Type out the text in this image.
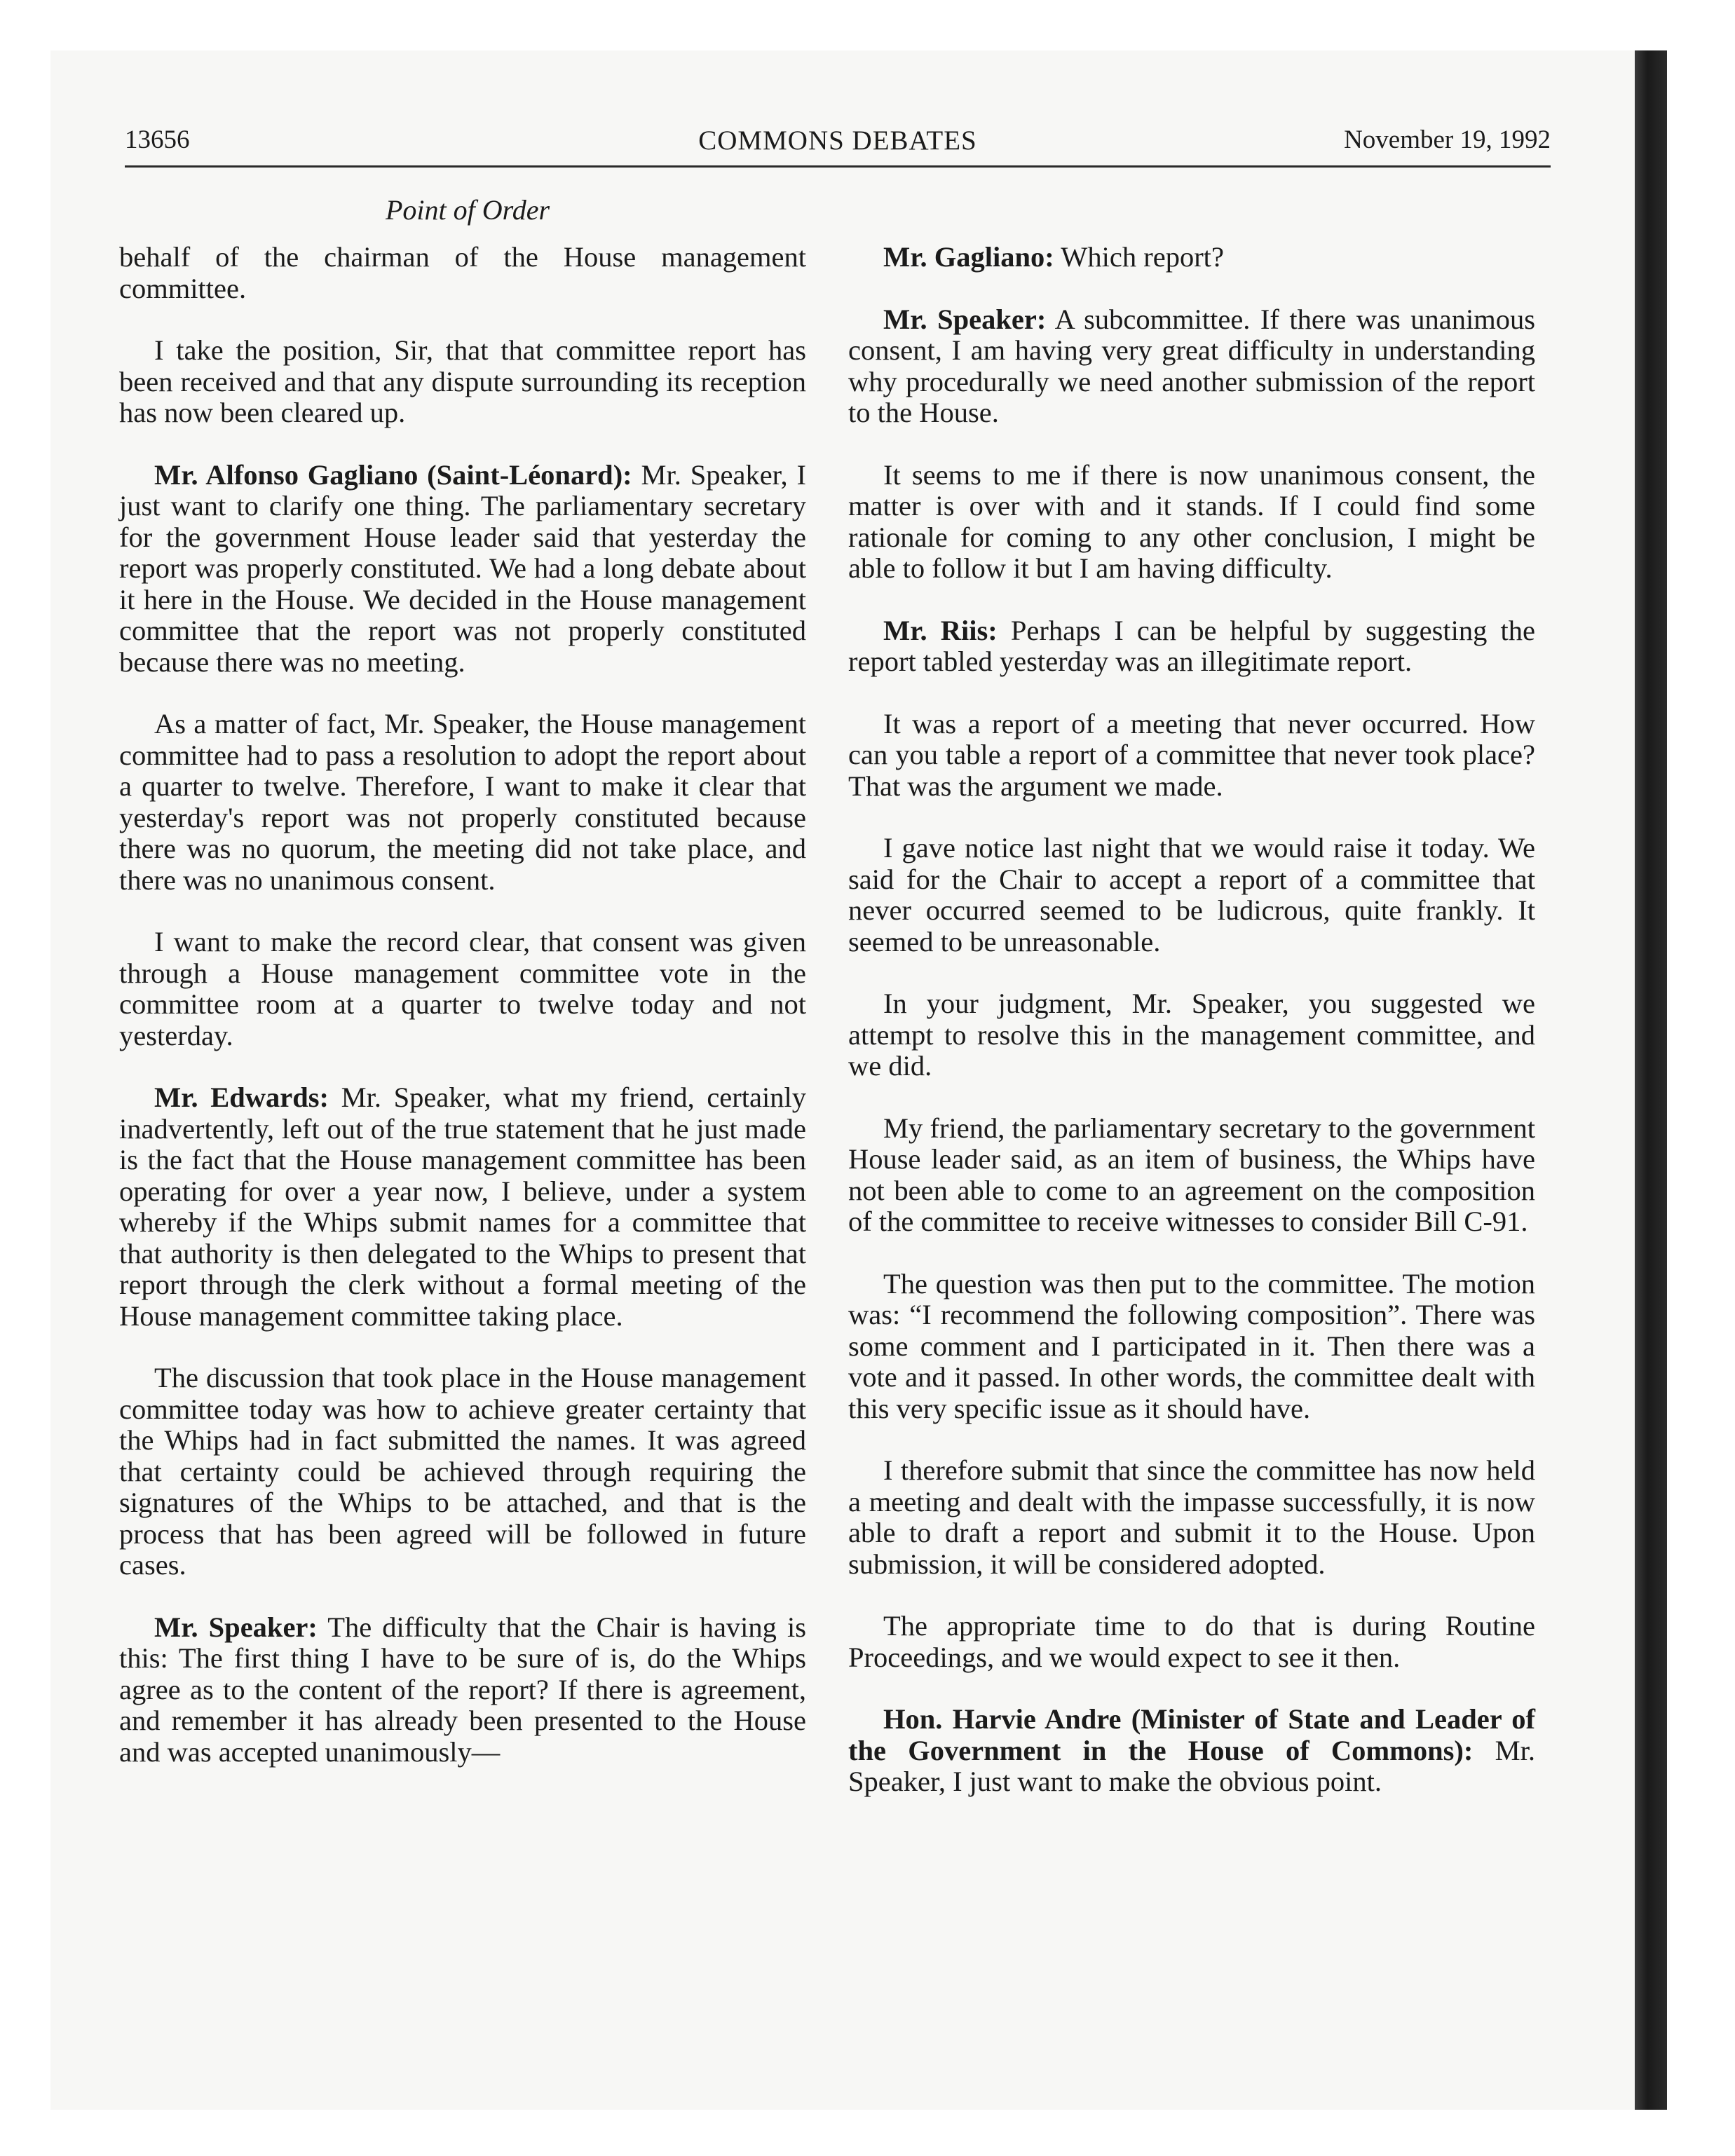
13656	COMMONS DEBATES	November 19, 1992
Point of Order

behalf of the chairman of the House management committee.

I take the position, Sir, that that committee report has been received and that any dispute surrounding its reception has now been cleared up.

Mr. Alfonso Gagliano (Saint-Léonard): Mr. Speaker, I just want to clarify one thing. The parliamentary secretary for the government House leader said that yesterday the report was properly constituted. We had a long debate about it here in the House. We decided in the House management committee that the report was not properly constituted because there was no meeting.

As a matter of fact, Mr. Speaker, the House management committee had to pass a resolution to adopt the report about a quarter to twelve. Therefore, I want to make it clear that yesterday's report was not properly constituted because there was no quorum, the meeting did not take place, and there was no unanimous consent.

I want to make the record clear, that consent was given through a House management committee vote in the committee room at a quarter to twelve today and not yesterday.

Mr. Edwards: Mr. Speaker, what my friend, certainly inadvertently, left out of the true statement that he just made is the fact that the House management committee has been operating for over a year now, I believe, under a system whereby if the Whips submit names for a committee that that authority is then delegated to the Whips to present that report through the clerk without a formal meeting of the House management committee taking place.

The discussion that took place in the House management committee today was how to achieve greater certainty that the Whips had in fact submitted the names. It was agreed that certainty could be achieved through requiring the signatures of the Whips to be attached, and that is the process that has been agreed will be followed in future cases.

Mr. Speaker: The difficulty that the Chair is having is this: The first thing I have to be sure of is, do the Whips agree as to the content of the report? If there is agreement, and remember it has already been presented to the House and was accepted unanimously—

Mr. Gagliano: Which report?

Mr. Speaker: A subcommittee. If there was unanimous consent, I am having very great difficulty in understanding why procedurally we need another submission of the report to the House.

It seems to me if there is now unanimous consent, the matter is over with and it stands. If I could find some rationale for coming to any other conclusion, I might be able to follow it but I am having difficulty.

Mr. Riis: Perhaps I can be helpful by suggesting the report tabled yesterday was an illegitimate report.

It was a report of a meeting that never occurred. How can you table a report of a committee that never took place? That was the argument we made.

I gave notice last night that we would raise it today. We said for the Chair to accept a report of a committee that never occurred seemed to be ludicrous, quite frankly. It seemed to be unreasonable.

In your judgment, Mr. Speaker, you suggested we attempt to resolve this in the management committee, and we did.

My friend, the parliamentary secretary to the government House leader said, as an item of business, the Whips have not been able to come to an agreement on the composition of the committee to receive witnesses to consider Bill C-91.

The question was then put to the committee. The motion was: “I recommend the following composition”. There was some comment and I participated in it. Then there was a vote and it passed. In other words, the committee dealt with this very specific issue as it should have.

I therefore submit that since the committee has now held a meeting and dealt with the impasse successfully, it is now able to draft a report and submit it to the House. Upon submission, it will be considered adopted.

The appropriate time to do that is during Routine Proceedings, and we would expect to see it then.

Hon. Harvie Andre (Minister of State and Leader of the Government in the House of Commons): Mr. Speaker, I just want to make the obvious point.
